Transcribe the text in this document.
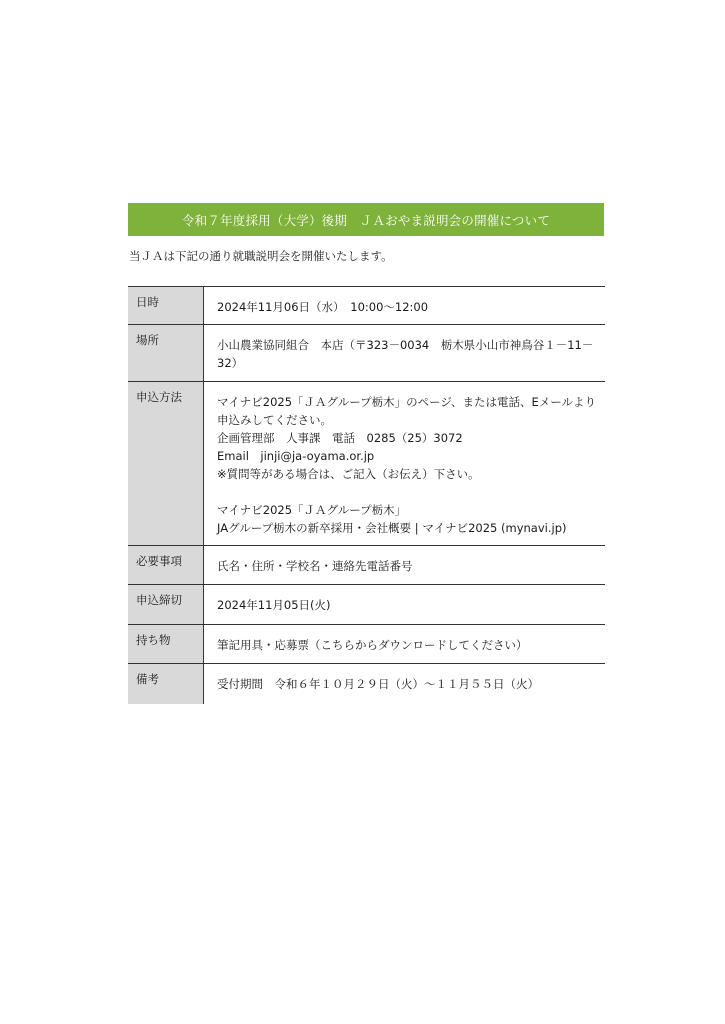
令和７年度採用（大学）後期　ＪＡおやま説明会の開催について
当ＪＡは下記の通り就職説明会を開催いたします。
日時	2024年11月06日（水）　10:00～12:00
場所	小山農業協同組合　本店（〒323－0034　栃木県小山市神鳥谷１－11－
32）
申込方法	マイナビ2025「ＪＡグループ栃木」のページ、または電話、Eメールより
申込みしてください。
企画管理部　人事課　電話　0285（25）3072
Email　jinji@ja-oyama.or.jp
※質問等がある場合は、ご記入（お伝え）下さい。
マイナビ2025「ＪＡグループ栃木」
JAグループ栃木の新卒採用・会社概要 | マイナビ2025 (mynavi.jp)
必要事項	氏名・住所・学校名・連絡先電話番号
申込締切	2024年11月05日(火)
持ち物	筆記用具・応募票（こちらからダウンロードしてください）
備考	受付期間　令和６年１０月２９日（火）～１１月５５日（火）
